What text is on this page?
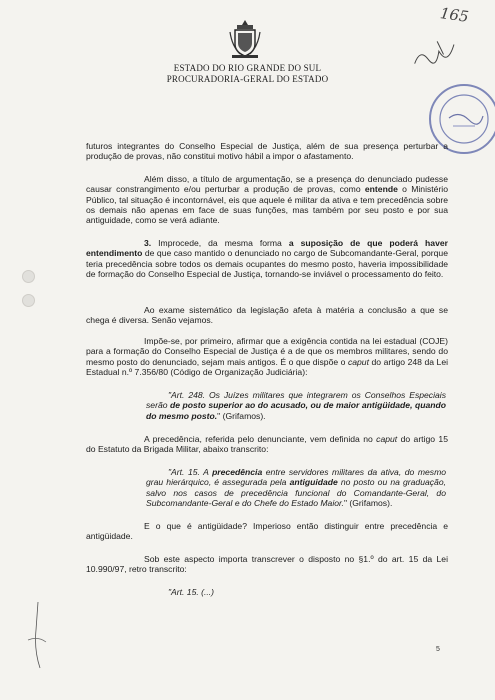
ESTADO DO RIO GRANDE DO SUL
PROCURADORIA-GERAL DO ESTADO
165

futuros integrantes do Conselho Especial de Justiça, além de sua presença perturbar a produção de provas, não constitui motivo hábil a impor o afastamento.

Além disso, a título de argumentação, se a presença do denunciado pudesse causar constrangimento e/ou perturbar a produção de provas, como entende o Ministério Público, tal situação é incontornável, eis que aquele é militar da ativa e tem precedência sobre os demais não apenas em face de suas funções, mas também por seu posto e por sua antiguidade, como se verá adiante.

3. Improcede, da mesma forma a suposição de que poderá haver entendimento de que caso mantido o denunciado no cargo de Subcomandante-Geral, porque teria precedência sobre todos os demais ocupantes do mesmo posto, haveria impossibilidade de formação do Conselho Especial de Justiça, tornando-se inviável o processamento do feito.

Ao exame sistemático da legislação afeta à matéria a conclusão a que se chega é diversa. Senão vejamos.

Impõe-se, por primeiro, afirmar que a exigência contida na lei estadual (COJE) para a formação do Conselho Especial de Justiça é a de que os membros militares, sendo do mesmo posto do denunciado, sejam mais antigos. É o que dispõe o caput do artigo 248 da Lei Estadual n.º 7.356/80 (Código de Organização Judiciária):

"Art. 248. Os Juízes militares que integrarem os Conselhos Especiais serão de posto superior ao do acusado, ou de maior antigüidade, quando do mesmo posto." (Grifamos).

A precedência, referida pelo denunciante, vem definida no caput do artigo 15 do Estatuto da Brigada Militar, abaixo transcrito:

"Art. 15. A precedência entre servidores militares da ativa, do mesmo grau hierárquico, é assegurada pela antiguidade no posto ou na graduação, salvo nos casos de precedência funcional do Comandante-Geral, do Subcomandante-Geral e do Chefe do Estado Maior." (Grifamos).

E o que é antigüidade? Imperioso então distinguir entre precedência e antigüidade.

Sob este aspecto importa transcrever o disposto no §1.º do art. 15 da Lei 10.990/97, retro transcrito:

"Art. 15. (...)

5
